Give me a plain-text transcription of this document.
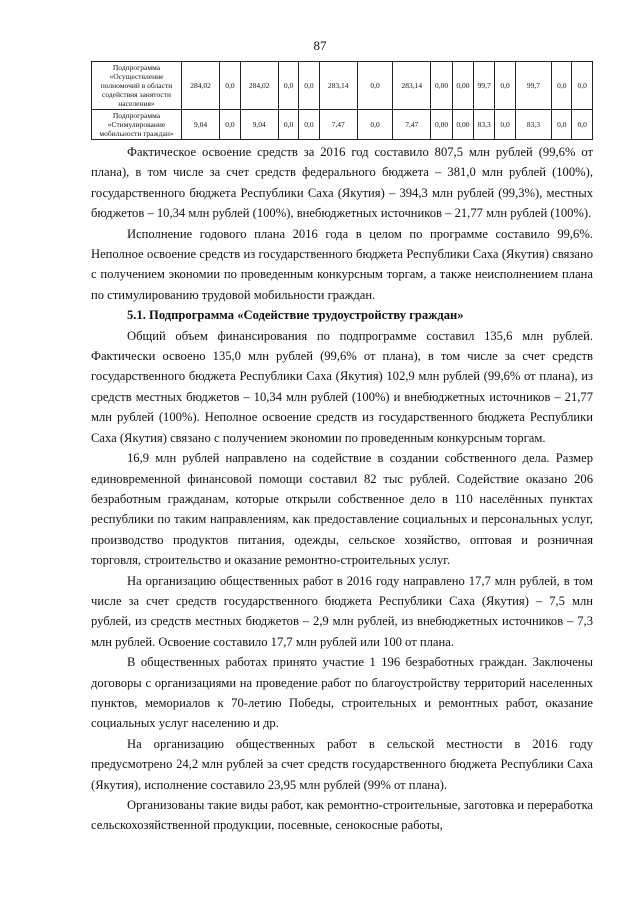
87
Подпрограмма «Осуществление полномочий в области содействия занятости населения»	284,02	0,0	284,02	0,0	0,0	283,14	0,0	283,14	0,00	0,00	99,7	0,0	99,7	0,0	0,0
Подпрограмма «Стимулирование мобильности граждан»	9,04	0,0	9,04	0,0	0,0	7,47	0,0	7,47	0,00	0,00	83,3	0,0	83,3	0,0	0,0

Фактическое освоение средств за 2016 год составило 807,5 млн рублей (99,6% от плана), в том числе за счет средств федерального бюджета – 381,0 млн рублей (100%), государственного бюджета Республики Саха (Якутия) – 394,3 млн рублей (99,3%), местных бюджетов – 10,34 млн рублей (100%), внебюджетных источников – 21,77 млн рублей (100%).

Исполнение годового плана 2016 года в целом по программе составило 99,6%. Неполное освоение средств из государственного бюджета Республики Саха (Якутия) связано с получением экономии по проведенным конкурсным торгам, а также неисполнением плана по стимулированию трудовой мобильности граждан.

5.1. Подпрограмма «Содействие трудоустройству граждан»

Общий объем финансирования по подпрограмме составил 135,6 млн рублей. Фактически освоено 135,0 млн рублей (99,6% от плана), в том числе за счет средств государственного бюджета Республики Саха (Якутия) 102,9 млн рублей (99,6% от плана), из средств местных бюджетов – 10,34 млн рублей (100%) и внебюджетных источников – 21,77 млн рублей (100%). Неполное освоение средств из государственного бюджета Республики Саха (Якутия) связано с получением экономии по проведенным конкурсным торгам.

16,9 млн рублей направлено на содействие в создании собственного дела. Размер единовременной финансовой помощи составил 82 тыс рублей. Содействие оказано 206 безработным гражданам, которые открыли собственное дело в 110 населённых пунктах республики по таким направлениям, как предоставление социальных и персональных услуг, производство продуктов питания, одежды, сельское хозяйство, оптовая и розничная торговля, строительство и оказание ремонтно-строительных услуг.

На организацию общественных работ в 2016 году направлено 17,7 млн рублей, в том числе за счет средств государственного бюджета Республики Саха (Якутия) – 7,5 млн рублей, из средств местных бюджетов – 2,9 млн рублей, из внебюджетных источников – 7,3 млн рублей. Освоение составило 17,7 млн рублей или 100 от плана.

В общественных работах принято участие 1 196 безработных граждан. Заключены договоры с организациями на проведение работ по благоустройству территорий населенных пунктов, мемориалов к 70-летию Победы, строительных и ремонтных работ, оказание социальных услуг населению и др.

На организацию общественных работ в сельской местности в 2016 году предусмотрено 24,2 млн рублей за счет средств государственного бюджета Республики Саха (Якутия), исполнение составило 23,95 млн рублей (99% от плана).

Организованы такие виды работ, как ремонтно-строительные, заготовка и переработка сельскохозяйственной продукции, посевные, сенокосные работы,
